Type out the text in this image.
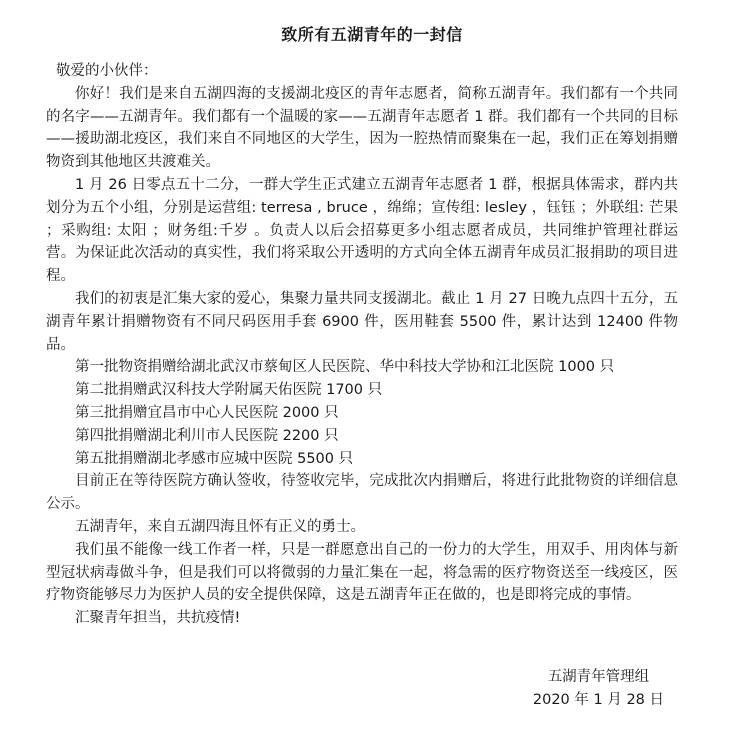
致所有五湖青年的一封信

敬爱的小伙伴：

你好！我们是来自五湖四海的支援湖北疫区的青年志愿者，简称五湖青年。我们都有一个共同的名字——五湖青年。我们都有一个温暖的家——五湖青年志愿者 1 群。我们都有一个共同的目标——援助湖北疫区，我们来自不同地区的大学生，因为一腔热情而聚集在一起，我们正在筹划捐赠物资到其他地区共渡难关。

1 月 26 日零点五十二分，一群大学生正式建立五湖青年志愿者 1 群，根据具体需求，群内共划分为五个小组，分别是运营组: terresa , bruce ，绵绵；宣传组: lesley ，钰钰 ；外联组: 芒果 ；采购组: 太阳 ；财务组:千岁 。负责人以后会招募更多小组志愿者成员，共同维护管理社群运营。为保证此次活动的真实性，我们将采取公开透明的方式向全体五湖青年成员汇报捐助的项目进程。

我们的初衷是汇集大家的爱心，集聚力量共同支援湖北。截止 1 月 27 日晚九点四十五分，五湖青年累计捐赠物资有不同尺码医用手套 6900 件，医用鞋套 5500 件，累计达到 12400 件物品。

第一批物资捐赠给湖北武汉市蔡甸区人民医院、华中科技大学协和江北医院 1000 只

第二批捐赠武汉科技大学附属天佑医院 1700 只

第三批捐赠宜昌市中心人民医院 2000 只

第四批捐赠湖北利川市人民医院 2200 只

第五批捐赠湖北孝感市应城中医院 5500 只

目前正在等待医院方确认签收，待签收完毕，完成批次内捐赠后，将进行此批物资的详细信息公示。

五湖青年，来自五湖四海且怀有正义的勇士。

我们虽不能像一线工作者一样，只是一群愿意出自己的一份力的大学生，用双手、用肉体与新型冠状病毒做斗争，但是我们可以将微弱的力量汇集在一起，将急需的医疗物资送至一线疫区，医疗物资能够尽力为医护人员的安全提供保障，这是五湖青年正在做的，也是即将完成的事情。

汇聚青年担当，共抗疫情!

五湖青年管理组
2020 年 1 月 28 日
